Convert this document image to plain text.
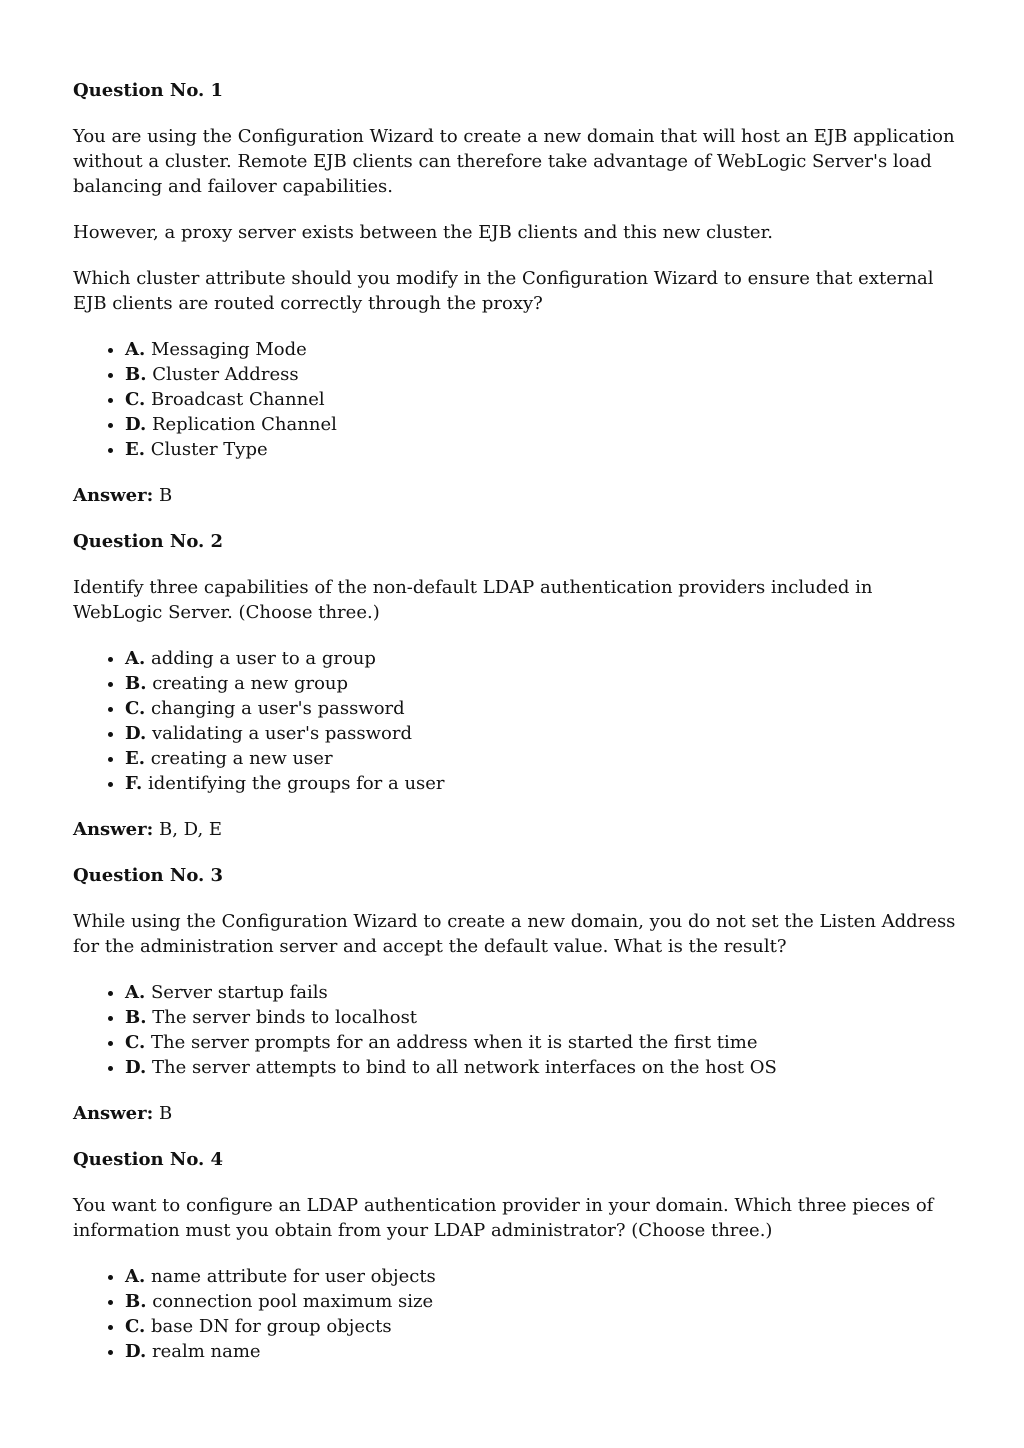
Question No. 1

You are using the Configuration Wizard to create a new domain that will host an EJB application without a cluster. Remote EJB clients can therefore take advantage of WebLogic Server's load balancing and failover capabilities.

However, a proxy server exists between the EJB clients and this new cluster.

Which cluster attribute should you modify in the Configuration Wizard to ensure that external EJB clients are routed correctly through the proxy?

• A. Messaging Mode
• B. Cluster Address
• C. Broadcast Channel
• D. Replication Channel
• E. Cluster Type

Answer: B

Question No. 2

Identify three capabilities of the non-default LDAP authentication providers included in WebLogic Server. (Choose three.)

• A. adding a user to a group
• B. creating a new group
• C. changing a user's password
• D. validating a user's password
• E. creating a new user
• F. identifying the groups for a user

Answer: B, D, E

Question No. 3

While using the Configuration Wizard to create a new domain, you do not set the Listen Address for the administration server and accept the default value. What is the result?

• A. Server startup fails
• B. The server binds to localhost
• C. The server prompts for an address when it is started the first time
• D. The server attempts to bind to all network interfaces on the host OS

Answer: B

Question No. 4

You want to configure an LDAP authentication provider in your domain. Which three pieces of information must you obtain from your LDAP administrator? (Choose three.)

• A. name attribute for user objects
• B. connection pool maximum size
• C. base DN for group objects
• D. realm name
